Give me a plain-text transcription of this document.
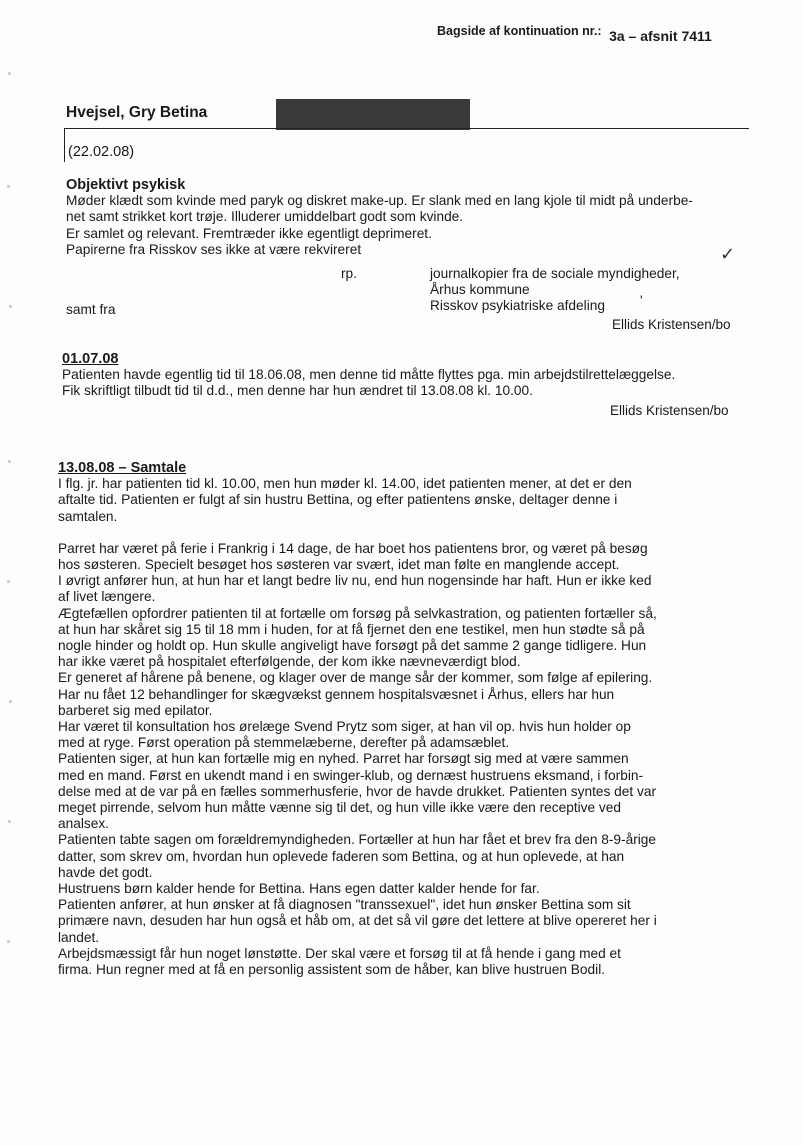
Bagside af kontinuation nr.: 3a – afsnit 7411
Hvejsel, Gry Betina
(22.02.08)

Objektivt psykisk

Møder klædt som kvinde med paryk og diskret make-up. Er slank med en lang kjole til midt på underbe-

net samt strikket kort trøje. Illuderer umiddelbart godt som kvinde.

Er samlet og relevant. Fremtræder ikke egentligt deprimeret.

Papirerne fra Risskov ses ikke at være rekvireret

rp.	journalkopier fra de sociale myndigheder,

Århus kommune

Risskov psykiatriske afdeling

samt fra
✓
'
Ellids Kristensen/bo

01.07.08

Patienten havde egentlig tid til 18.06.08, men denne tid måtte flyttes pga. min arbejdstilrettelæggelse.

Fik skriftligt tilbudt tid til d.d., men denne har hun ændret til 13.08.08 kl. 10.00.

Ellids Kristensen/bo

13.08.08 – Samtale

I flg. jr. har patienten tid kl. 10.00, men hun møder kl. 14.00, idet patienten mener, at det er den

aftalte tid. Patienten er fulgt af sin hustru Bettina, og efter patientens ønske, deltager denne i

samtalen.

Parret har været på ferie i Frankrig i 14 dage, de har boet hos patientens bror, og været på besøg

hos søsteren. Specielt besøget hos søsteren var svært, idet man følte en manglende accept.

I øvrigt anfører hun, at hun har et langt bedre liv nu, end hun nogensinde har haft. Hun er ikke ked

af livet længere.

Ægtefællen opfordrer patienten til at fortælle om forsøg på selvkastration, og patienten fortæller så,

at hun har skåret sig 15 til 18 mm i huden, for at få fjernet den ene testikel, men hun stødte så på

nogle hinder og holdt op. Hun skulle angiveligt have forsøgt på det samme 2 gange tidligere. Hun

har ikke været på hospitalet efterfølgende, der kom ikke nævneværdigt blod.

Er generet af hårene på benene, og klager over de mange sår der kommer, som følge af epilering.

Har nu fået 12 behandlinger for skægvækst gennem hospitalsvæsnet i Århus, ellers har hun

barberet sig med epilator.

Har været til konsultation hos ørelæge Svend Prytz som siger, at han vil op. hvis hun holder op

med at ryge. Først operation på stemmelæberne, derefter på adamsæblet.

Patienten siger, at hun kan fortælle mig en nyhed. Parret har forsøgt sig med at være sammen

med en mand. Først en ukendt mand i en swinger-klub, og dernæst hustruens eksmand, i forbin-

delse med at de var på en fælles sommerhusferie, hvor de havde drukket. Patienten syntes det var

meget pirrende, selvom hun måtte vænne sig til det, og hun ville ikke være den receptive ved

analsex.

Patienten tabte sagen om forældremyndigheden. Fortæller at hun har fået et brev fra den 8-9-årige

datter, som skrev om, hvordan hun oplevede faderen som Bettina, og at hun oplevede, at han

havde det godt.

Hustruens børn kalder hende for Bettina. Hans egen datter kalder hende for far.

Patienten anfører, at hun ønsker at få diagnosen "transsexuel", idet hun ønsker Bettina som sit

primære navn, desuden har hun også et håb om, at det så vil gøre det lettere at blive opereret her i

landet.

Arbejdsmæssigt får hun noget lønstøtte. Der skal være et forsøg til at få hende i gang med et

firma. Hun regner med at få en personlig assistent som de håber, kan blive hustruen Bodil.
